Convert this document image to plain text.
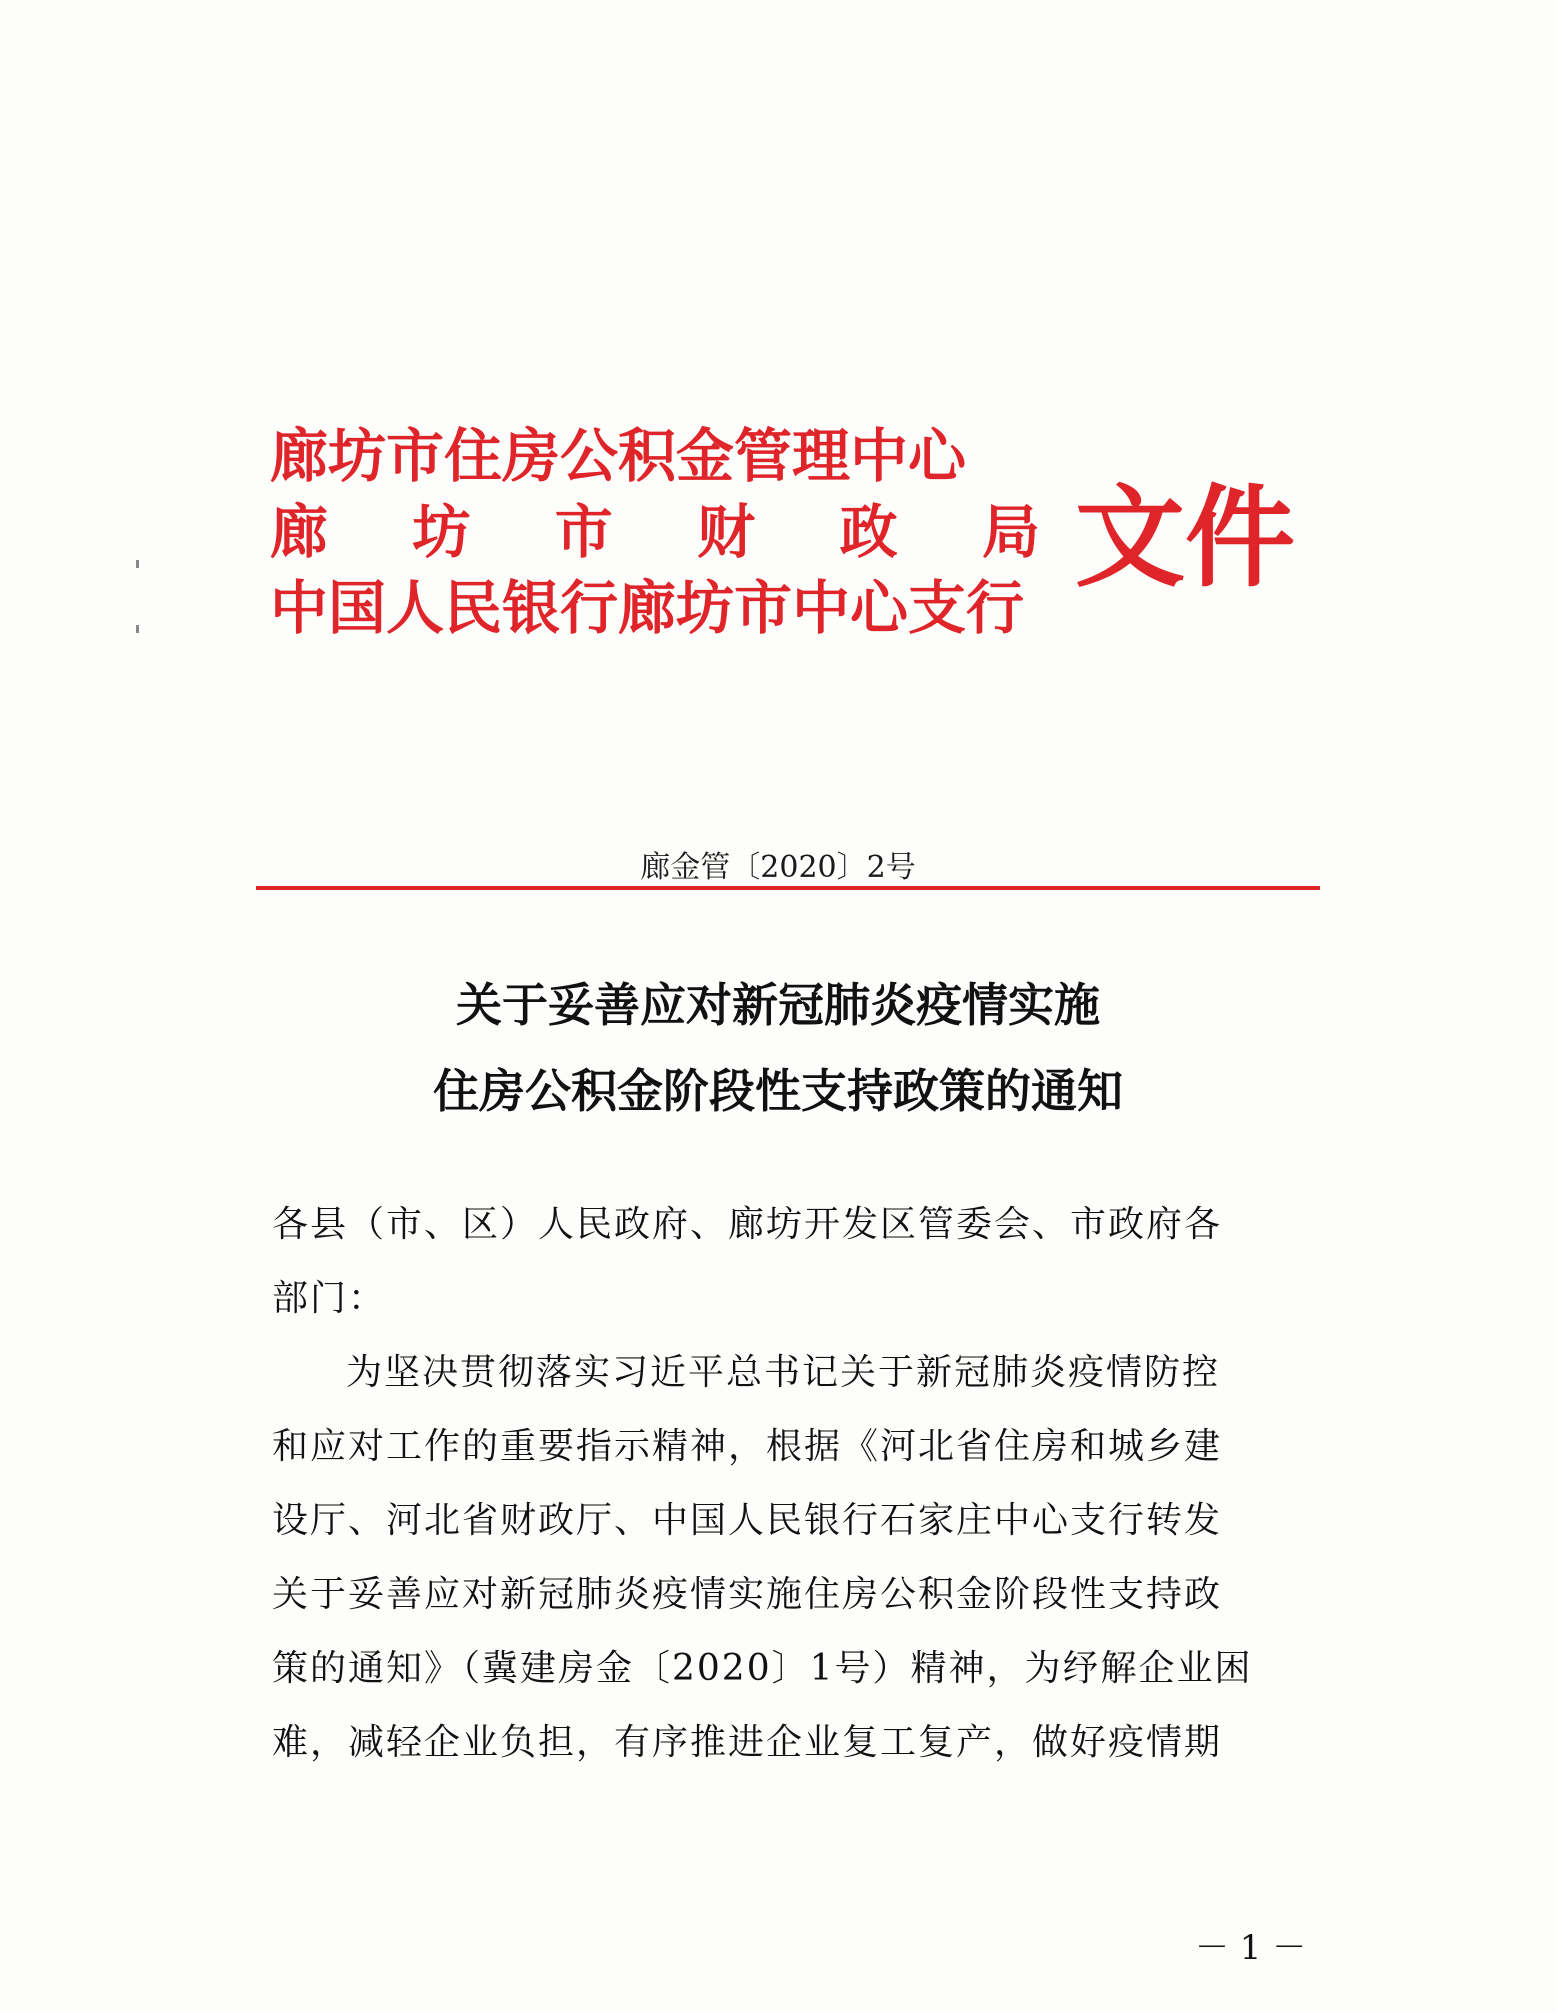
廊坊市住房公积金管理中心
廊 坊 市 财 政 局
中国人民银行廊坊市中心支行
文件
廊金管〔2020〕2号
关于妥善应对新冠肺炎疫情实施
住房公积金阶段性支持政策的通知
各县（市、区）人民政府、廊坊开发区管委会、市政府各
部门：
为坚决贯彻落实习近平总书记关于新冠肺炎疫情防控
和应对工作的重要指示精神，根据《河北省住房和城乡建
设厅、河北省财政厅、中国人民银行石家庄中心支行转发
关于妥善应对新冠肺炎疫情实施住房公积金阶段性支持政
策的通知》（冀建房金〔2020〕1号）精神，为纾解企业困
难，减轻企业负担，有序推进企业复工复产，做好疫情期
－ 1 －
